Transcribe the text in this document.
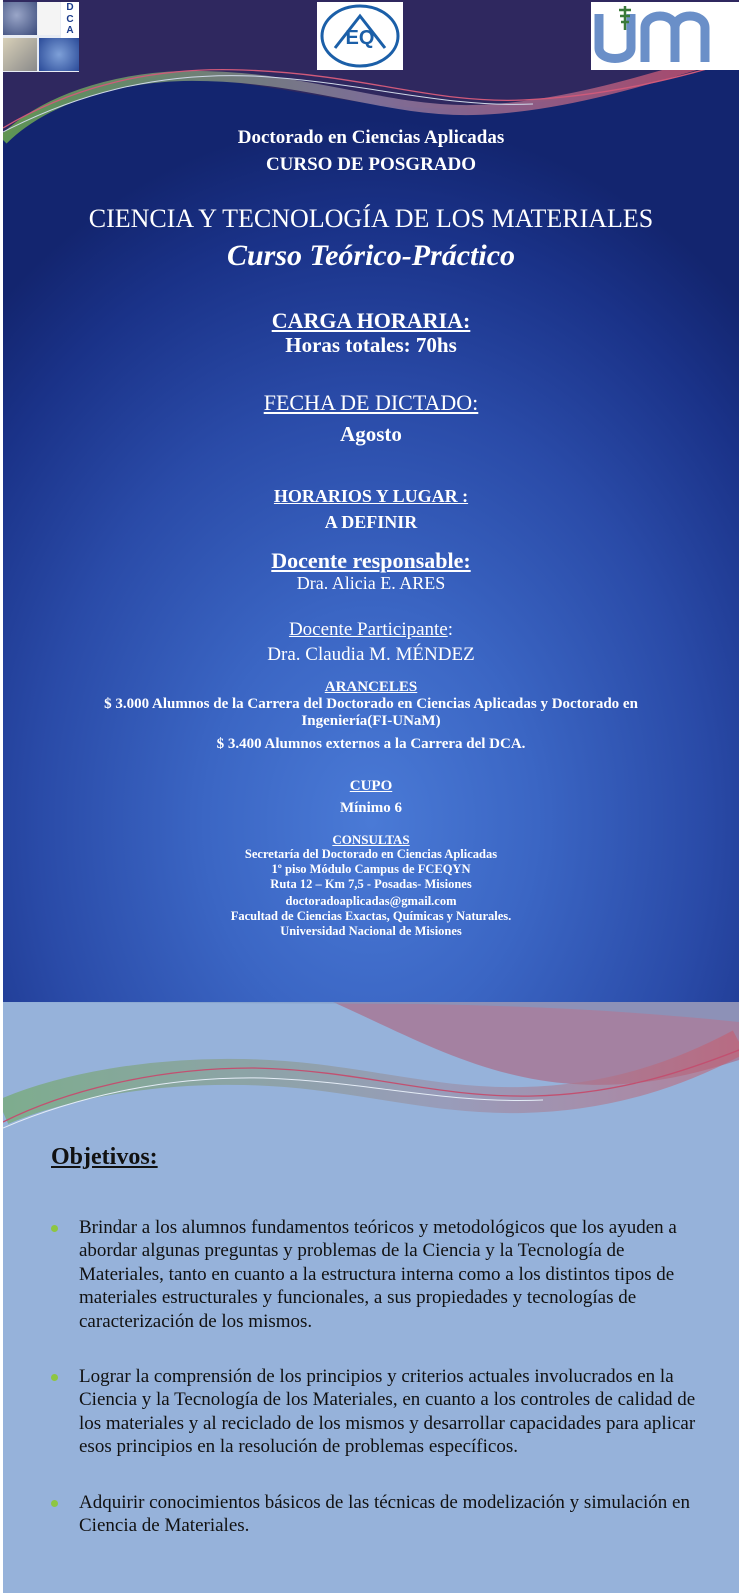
D
C
A	EQ
um
Doctorado en Ciencias Aplicadas
CURSO DE POSGRADO
CIENCIA Y TECNOLOGÍA DE LOS MATERIALES
Curso Teórico-Práctico
CARGA HORARIA:
Horas totales: 70hs
FECHA DE DICTADO:
Agosto
HORARIOS Y LUGAR :
A DEFINIR
Docente responsable:
Dra. Alicia E. ARES
Docente Participante:
Dra. Claudia M. MÉNDEZ
ARANCELES
$ 3.000 Alumnos de la Carrera del Doctorado en Ciencias Aplicadas y Doctorado en
Ingeniería(FI-UNaM)
$ 3.400 Alumnos externos a la Carrera del DCA.
CUPO
Mínimo 6
CONSULTAS
Secretaría del Doctorado en Ciencias Aplicadas
1º piso Módulo Campus de FCEQYN
Ruta 12 – Km 7,5 - Posadas- Misiones
doctoradoaplicadas@gmail.com
Facultad de Ciencias Exactas, Químicas y Naturales.
Universidad Nacional de Misiones
Objetivos:
Brindar a los alumnos fundamentos teóricos y metodológicos que los ayuden a abordar algunas preguntas y problemas de la Ciencia y la Tecnología de Materiales, tanto en cuanto a la estructura interna como a los distintos tipos de materiales estructurales y funcionales, a sus propiedades y tecnologías de caracterización de los mismos.
Lograr la comprensión de los principios y criterios actuales involucrados en la Ciencia y la Tecnología de los Materiales, en cuanto a los controles de calidad de los materiales y al reciclado de los mismos y desarrollar capacidades para aplicar esos principios en la resolución de problemas específicos.
Adquirir conocimientos básicos de las técnicas de modelización y simulación en Ciencia de Materiales.
